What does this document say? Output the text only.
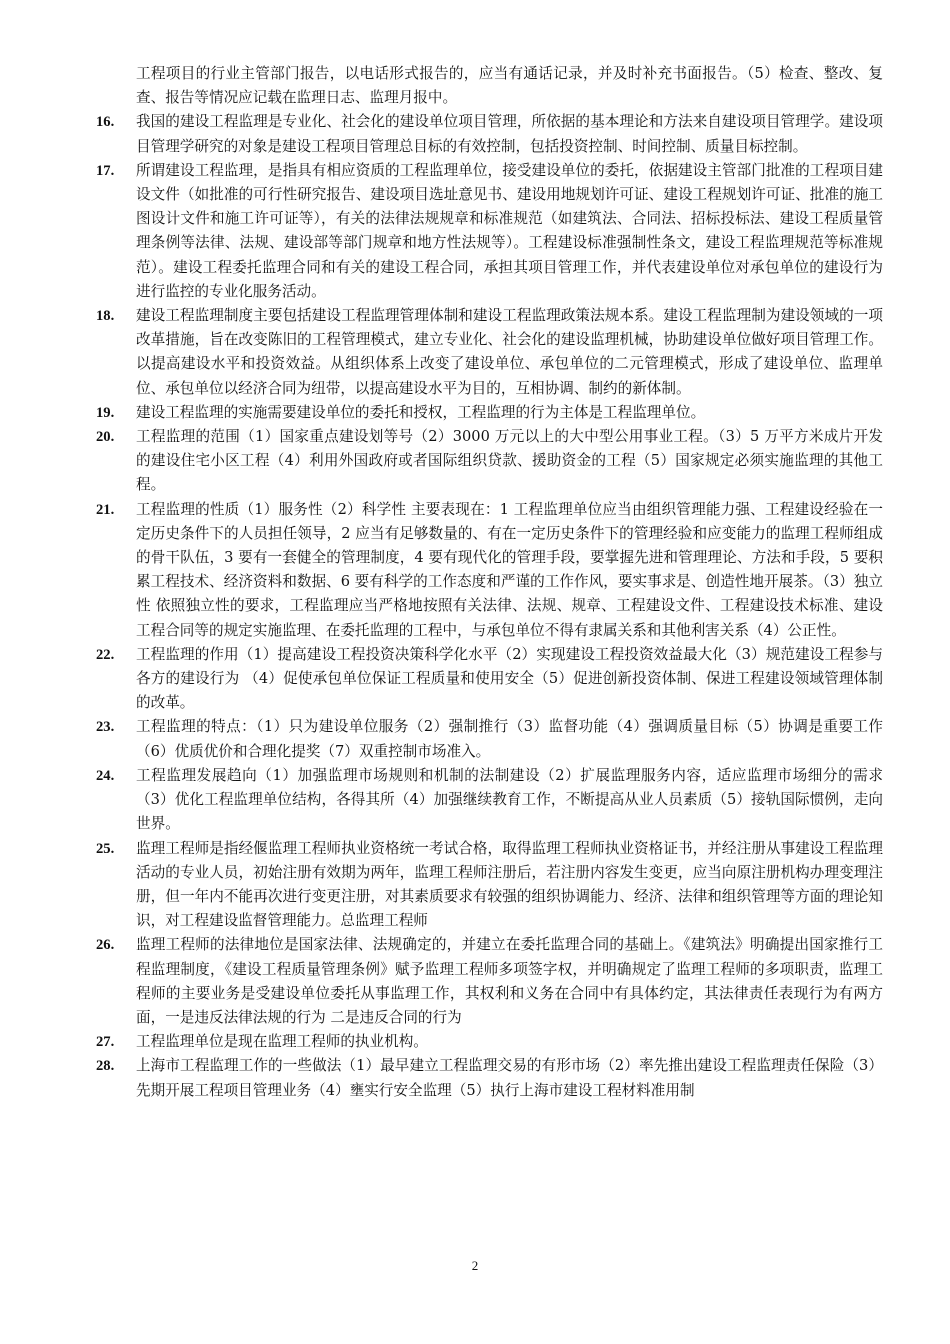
工程项目的行业主管部门报告，以电话形式报告的，应当有通话记录，并及时补充书面报告。（5）检查、整改、复查、报告等情况应记载在监理日志、监理月报中。

16. 我国的建设工程监理是专业化、社会化的建设单位项目管理，所依据的基本理论和方法来自建设项目管理学。建设项目管理学研究的对象是建设工程项目管理总目标的有效控制，包括投资控制、时间控制、质量目标控制。

17. 所谓建设工程监理，是指具有相应资质的工程监理单位，接受建设单位的委托，依据建设主管部门批准的工程项目建设文件（如批准的可行性研究报告、建设项目选址意见书、建设用地规划许可证、建设工程规划许可证、批准的施工图设计文件和施工许可证等），有关的法律法规规章和标准规范（如建筑法、合同法、招标投标法、建设工程质量管理条例等法律、法规、建设部等部门规章和地方性法规等）。工程建设标准强制性条文，建设工程监理规范等标准规范）。建设工程委托监理合同和有关的建设工程合同，承担其项目管理工作，并代表建设单位对承包单位的建设行为进行监控的专业化服务活动。

18. 建设工程监理制度主要包括建设工程监理管理体制和建设工程监理政策法规本系。建设工程监理制为建设领域的一项改革措施，旨在改变陈旧的工程管理模式，建立专业化、社会化的建设监理机械，协助建设单位做好项目管理工作。以提高建设水平和投资效益。从组织体系上改变了建设单位、承包单位的二元管理模式，形成了建设单位、监理单位、承包单位以经济合同为纽带，以提高建设水平为目的，互相协调、制约的新体制。

19. 建设工程监理的实施需要建设单位的委托和授权，工程监理的行为主体是工程监理单位。

20. 工程监理的范围（1）国家重点建设划等号（2）3000 万元以上的大中型公用事业工程。（3）5 万平方米成片开发的建设住宅小区工程（4）利用外国政府或者国际组织贷款、援助资金的工程（5）国家规定必须实施监理的其他工程。

21. 工程监理的性质（1）服务性（2）科学性 主要表现在：1 工程监理单位应当由组织管理能力强、工程建设经验在一定历史条件下的人员担任领导，2 应当有足够数量的、有在一定历史条件下的管理经验和应变能力的监理工程师组成的骨干队伍，3 要有一套健全的管理制度，4 要有现代化的管理手段，要掌握先进和管理理论、方法和手段，5 要积累工程技术、经济资料和数据、6 要有科学的工作态度和严谨的工作作风，要实事求是、创造性地开展茶。（3）独立性 依照独立性的要求，工程监理应当严格地按照有关法律、法规、规章、工程建设文件、工程建设技术标准、建设工程合同等的规定实施监理、在委托监理的工程中，与承包单位不得有隶属关系和其他利害关系（4）公正性。

22. 工程监理的作用（1）提高建设工程投资决策科学化水平（2）实现建设工程投资效益最大化（3）规范建设工程参与各方的建设行为 （4）促使承包单位保证工程质量和使用安全（5）促进创新投资体制、保进工程建设领域管理体制的改革。

23. 工程监理的特点：（1）只为建设单位服务（2）强制推行（3）监督功能（4）强调质量目标（5）协调是重要工作（6）优质优价和合理化提奖（7）双重控制市场准入。

24. 工程监理发展趋向（1）加强监理市场规则和机制的法制建设（2）扩展监理服务内容，适应监理市场细分的需求（3）优化工程监理单位结构，各得其所（4）加强继续教育工作，不断提高从业人员素质（5）接轨国际惯例，走向世界。

25. 监理工程师是指经偃监理工程师执业资格统一考试合格，取得监理工程师执业资格证书，并经注册从事建设工程监理活动的专业人员，初始注册有效期为两年，监理工程师注册后，若注册内容发生变更，应当向原注册机构办理变理注册，但一年内不能再次进行变更注册，对其素质要求有较强的组织协调能力、经济、法律和组织管理等方面的理论知识，对工程建设监督管理能力。总监理工程师

26. 监理工程师的法律地位是国家法律、法规确定的，并建立在委托监理合同的基础上。《建筑法》明确提出国家推行工程监理制度，《建设工程质量管理条例》赋予监理工程师多项签字权，并明确规定了监理工程师的多项职责，监理工程师的主要业务是受建设单位委托从事监理工作，其权利和义务在合同中有具体约定，其法律责任表现行为有两方面，一是违反法律法规的行为 二是违反合同的行为

27. 工程监理单位是现在监理工程师的执业机构。

28. 上海市工程监理工作的一些做法（1）最早建立工程监理交易的有形市场（2）率先推出建设工程监理责任保险（3）先期开展工程项目管理业务（4）壅实行安全监理（5）执行上海市建设工程材料准用制

2
